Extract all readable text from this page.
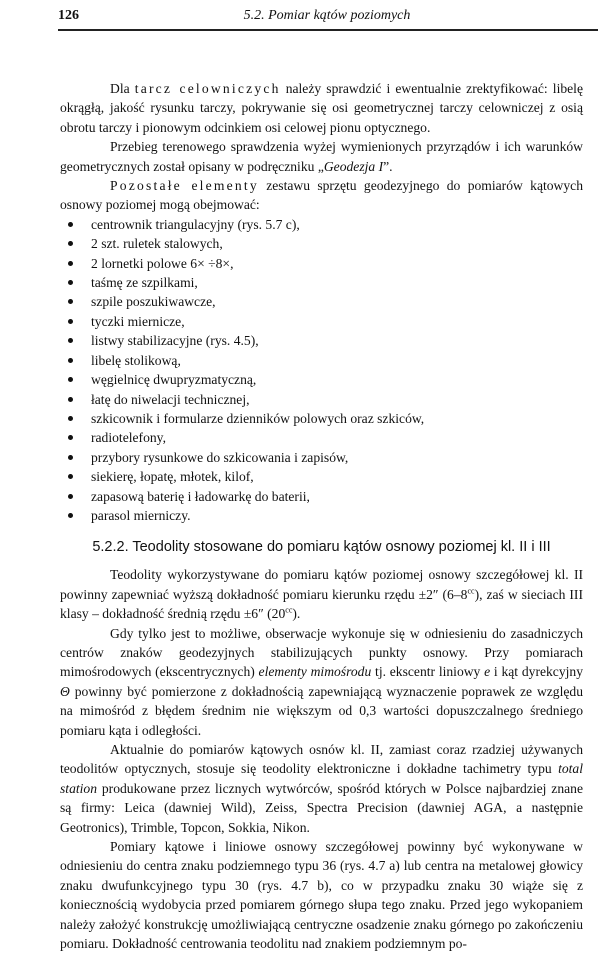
126	5.2. Pomiar kątów poziomych

Dla tarcz celowniczych należy sprawdzić i ewentualnie zrektyfikować: libelę okrągłą, jakość rysunku tarczy, pokrywanie się osi geometrycznej tarczy celowniczej z osią obrotu tarczy i pionowym odcinkiem osi celowej pionu optycznego.

Przebieg terenowego sprawdzenia wyżej wymienionych przyrządów i ich warunków geometrycznych został opisany w podręczniku „Geodezja I”.

Pozostałe elementy zestawu sprzętu geodezyjnego do pomiarów kątowych osnowy poziomej mogą obejmować:

centrownik triangulacyjny (rys. 5.7 c),
2 szt. ruletek stalowych,
2 lornetki polowe 6× ÷8×,
taśmę ze szpilkami,
szpile poszukiwawcze,
tyczki miernicze,
listwy stabilizacyjne (rys. 4.5),
libelę stolikową,
węgielnicę dwupryzmatyczną,
łatę do niwelacji technicznej,
szkicownik i formularze dzienników polowych oraz szkiców,
radiotelefony,
przybory rysunkowe do szkicowania i zapisów,
siekierę, łopatę, młotek, kilof,
zapasową baterię i ładowarkę do baterii,
parasol mierniczy.
5.2.2. Teodolity stosowane do pomiaru kątów osnowy poziomej kl. II i III

Teodolity wykorzystywane do pomiaru kątów poziomej osnowy szczegółowej kl. II powinny zapewniać wyższą dokładność pomiaru kierunku rzędu ±2″ $(6-8^{cc})$, zaś w sieciach III klasy – dokładność średnią rzędu ±6″ $(20^{cc})$.

Gdy tylko jest to możliwe, obserwacje wykonuje się w odniesieniu do zasadniczych centrów znaków geodezyjnych stabilizujących punkty osnowy. Przy pomiarach mimośrodowych (ekscentrycznych) elementy mimośrodu tj. ekscentr liniowy e i kąt dyrekcyjny Θ powinny być pomierzone z dokładnością zapewniającą wyznaczenie poprawek ze względu na mimośród z błędem średnim nie większym od 0,3 wartości dopuszczalnego średniego pomiaru kąta i odległości.

Aktualnie do pomiarów kątowych osnów kl. II, zamiast coraz rzadziej używanych teodolitów optycznych, stosuje się teodolity elektroniczne i dokładne tachimetry typu total station produkowane przez licznych wytwórców, spośród których w Polsce najbardziej znane są firmy: Leica (dawniej Wild), Zeiss, Spectra Precision (dawniej AGA, a następnie Geotronics), Trimble, Topcon, Sokkia, Nikon.

Pomiary kątowe i liniowe osnowy szczegółowej powinny być wykonywane w odniesieniu do centra znaku podziemnego typu 36 (rys. 4.7 a) lub centra na metalowej głowicy znaku dwufunkcyjnego typu 30 (rys. 4.7 b), co w przypadku znaku 30 wiąże się z koniecznością wydobycia przed pomiarem górnego słupa tego znaku. Przed jego wykopaniem należy założyć konstrukcję umożliwiającą centryczne osadzenie znaku górnego po zakończeniu pomiaru. Dokładność centrowania teodolitu nad znakiem podziemnym po-
